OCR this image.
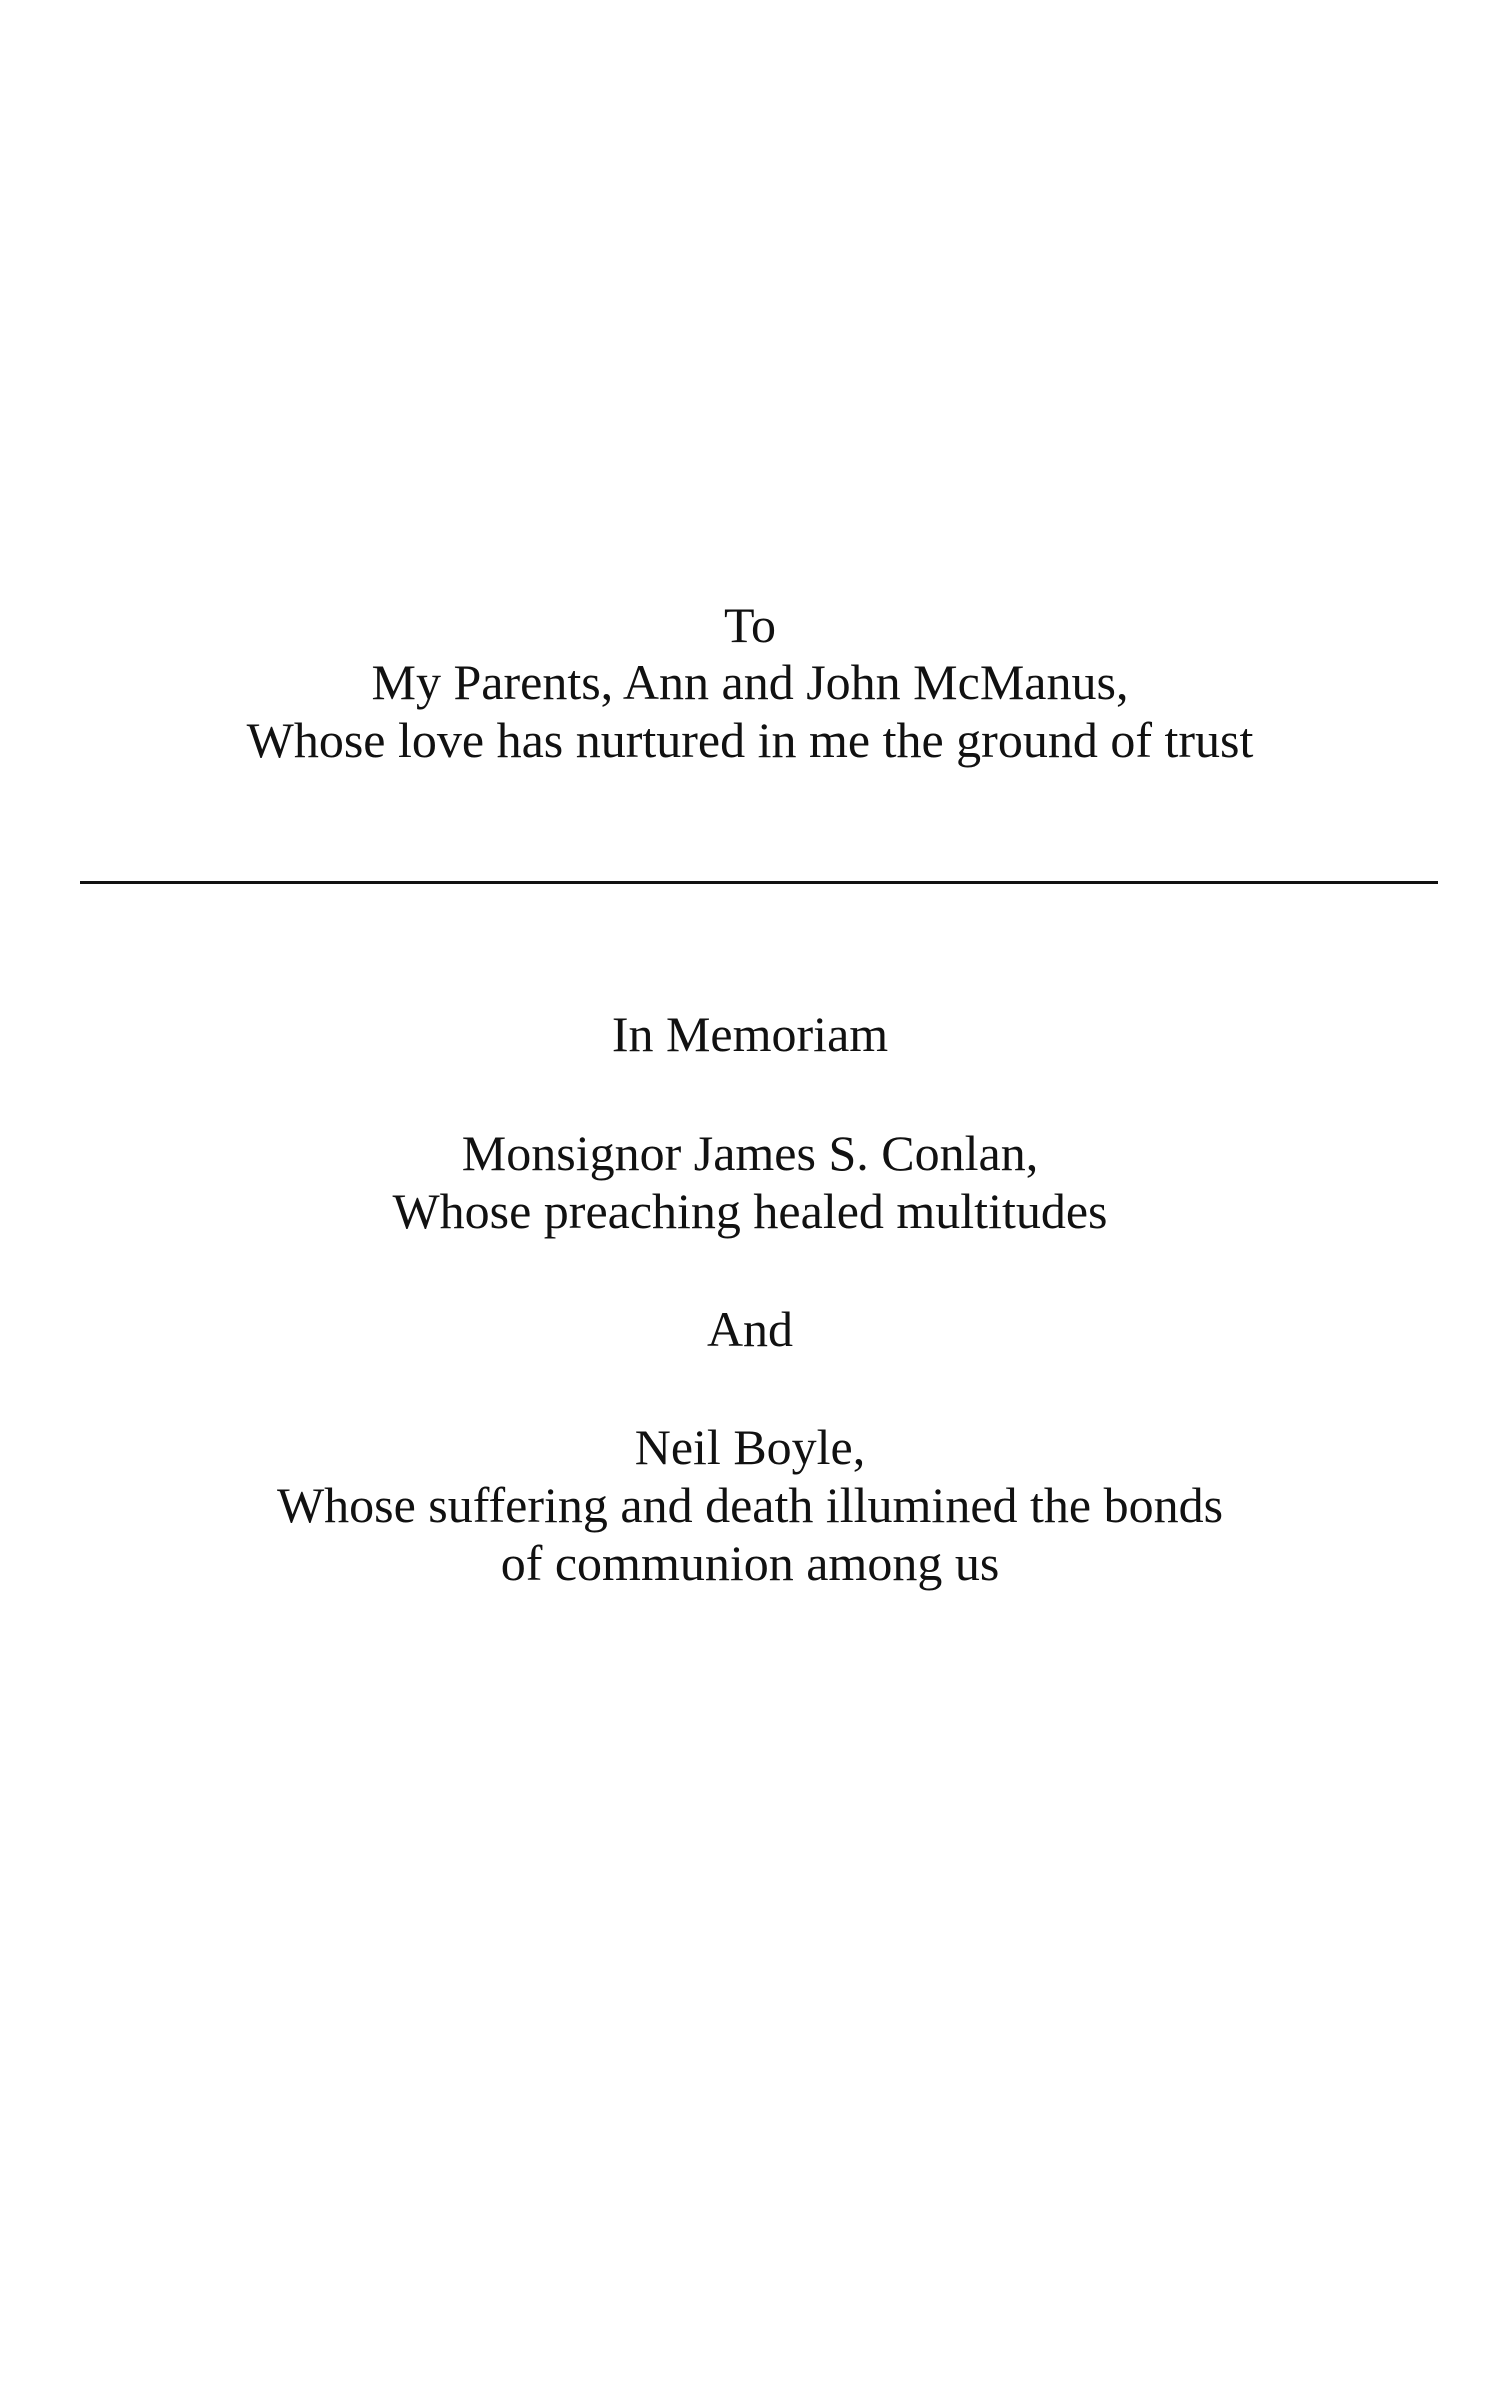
To

My Parents, Ann and John McManus,

Whose love has nurtured in me the ground of trust

In Memoriam

Monsignor James S. Conlan,

Whose preaching healed multitudes

And

Neil Boyle,

Whose suffering and death illumined the bonds

of communion among us
